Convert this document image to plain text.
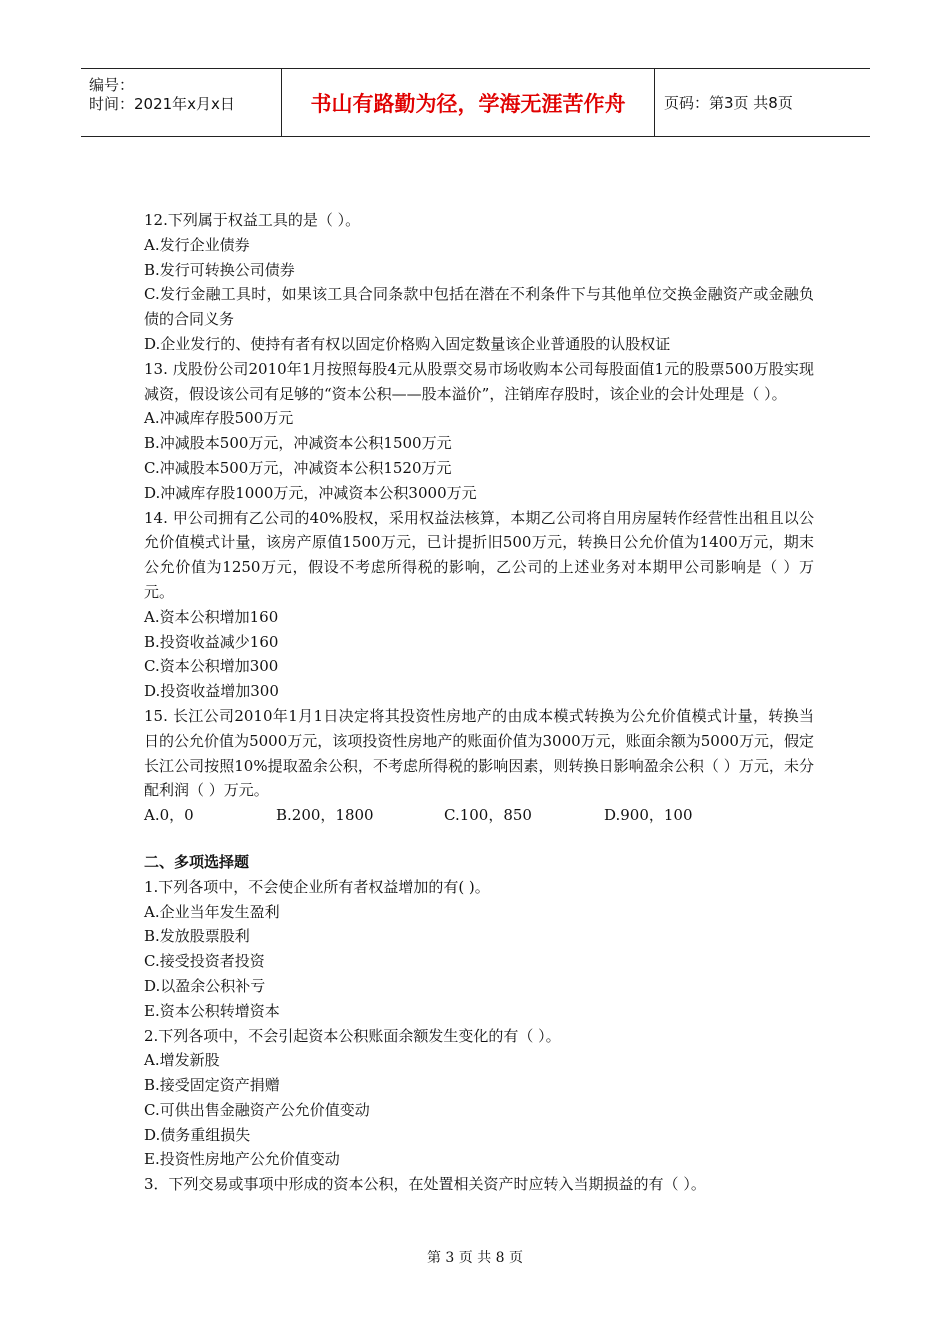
编号：
时间：2021年x月x日	书山有路勤为径，学海无涯苦作舟	页码：第3页 共8页
12.下列属于权益工具的是（ ）。
A.发行企业债券
B.发行可转换公司债券
C.发行金融工具时，如果该工具合同条款中包括在潜在不利条件下与其他单位交换金融资产或金融负债的合同义务
D.企业发行的、使持有者有权以固定价格购入固定数量该企业普通股的认股权证
13. 戊股份公司2010年1月按照每股4元从股票交易市场收购本公司每股面值1元的股票500万股实现减资，假设该公司有足够的“资本公积——股本溢价”，注销库存股时，该企业的会计处理是（ ）。
A.冲减库存股500万元
B.冲减股本500万元，冲减资本公积1500万元
C.冲减股本500万元，冲减资本公积1520万元
D.冲减库存股1000万元，冲减资本公积3000万元
14. 甲公司拥有乙公司的40%股权，采用权益法核算，本期乙公司将自用房屋转作经营性出租且以公允价值模式计量，该房产原值1500万元，已计提折旧500万元，转换日公允价值为1400万元，期末公允价值为1250万元，假设不考虑所得税的影响，乙公司的上述业务对本期甲公司影响是（ ）万元。
A.资本公积增加160
B.投资收益减少160
C.资本公积增加300
D.投资收益增加300
15. 长江公司2010年1月1日决定将其投资性房地产的由成本模式转换为公允价值模式计量，转换当日的公允价值为5000万元，该项投资性房地产的账面价值为3000万元，账面余额为5000万元，假定长江公司按照10%提取盈余公积，不考虑所得税的影响因素，则转换日影响盈余公积（ ）万元，未分配利润（ ）万元。
A.0，0	B.200，1800	C.100，850	D.900，100
二、多项选择题
1.下列各项中，不会使企业所有者权益增加的有( )。
A.企业当年发生盈利
B.发放股票股利
C.接受投资者投资
D.以盈余公积补亏
E.资本公积转增资本
2.下列各项中，不会引起资本公积账面余额发生变化的有（ ）。
A.增发新股
B.接受固定资产捐赠
C.可供出售金融资产公允价值变动
D.债务重组损失
E.投资性房地产公允价值变动
3．下列交易或事项中形成的资本公积，在处置相关资产时应转入当期损益的有（ ）。
第 3 页 共 8 页
